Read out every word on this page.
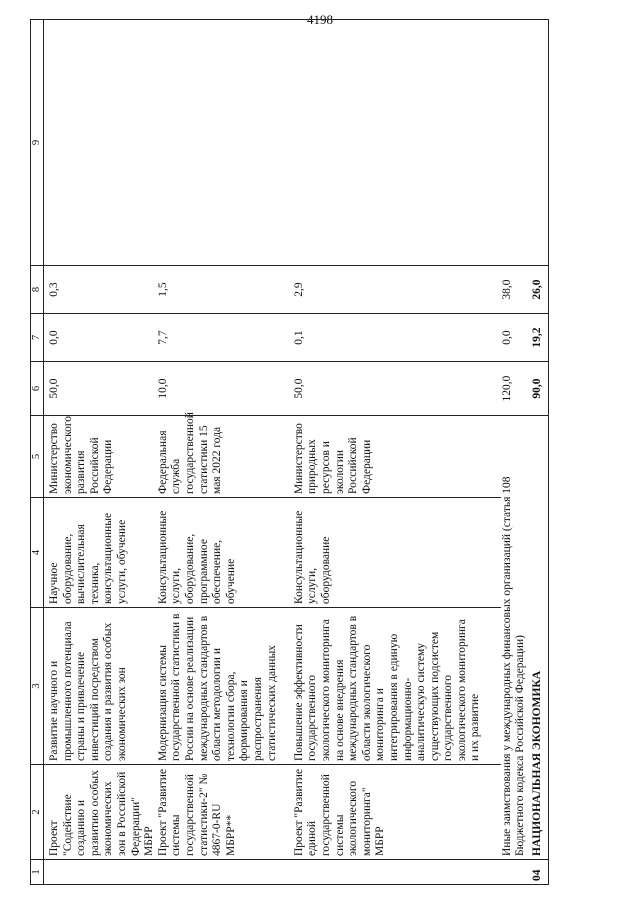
4198
1	2	3	4	5	6	7	8	9

	Проект "Содействие созданию и развитию особых экономических зон в Российской Федерации" МБРР	Развитие научного и промышленного потенциала страны и привлечение инвестиций посредством создания и развития особых экономических зон	Научное оборудование, вычислительная техника, консультационные услуги, обучение	Министерство экономического развития Российской Федерации	50,0	0,0	0,3	
	Проект "Развитие системы государственной статистики-2" № 4867-0-RU МБРР**	Модернизация системы государственной статистики в России на основе реализации международных стандартов в области методологии и технологии сбора, формирования и распространения статистических данных	Консультационные услуги, оборудование, программное обеспечение, обучение	Федеральная служба государственной статистики 15 мая 2022 года	10,0	7,7	1,5	
	Проект "Развитие единой государственной системы экологического мониторинга" МБРР	Повышение эффективности государственного экологического мониторинга на основе внедрения международных стандартов в области экологического мониторинга и интегрирования в единую информационно-аналитическую систему существующих подсистем государственного экологического мониторинга и их развитие	Консультационные услуги, оборудование	Министерство природных ресурсов и экологии Российской Федерации	50,0	0,1	2,9	
	Иные заимствования у международных финансовых организаций (статья 108 Бюджетного кодекса Российской Федерации)				120,0	0,0	38,0	
04	НАЦИОНАЛЬНАЯ ЭКОНОМИКА				90,0	19,2	26,0	
